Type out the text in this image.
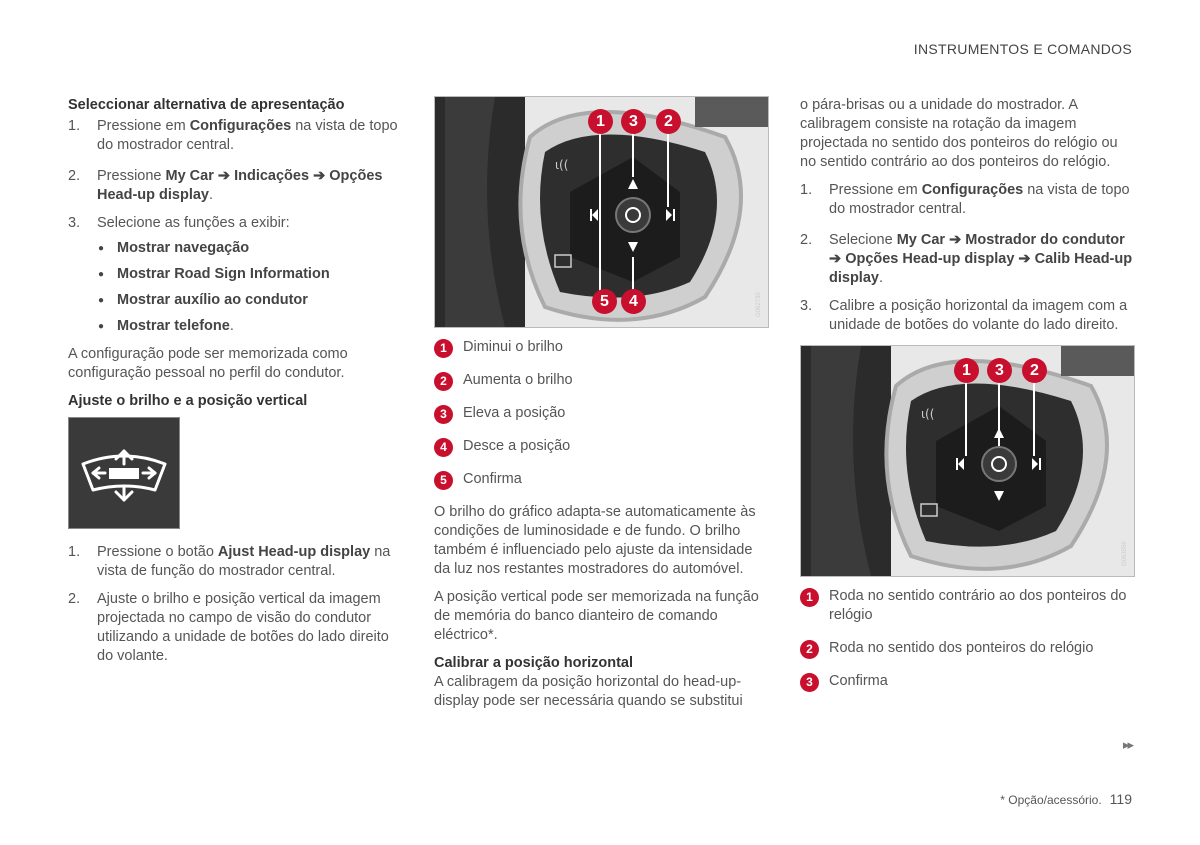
INSTRUMENTOS E COMANDOS
Seleccionar alternativa de apresentação
1. Pressione em Configurações na vista de topo do mostrador central.
2. Pressione My Car ➔ Indicações ➔ Opções Head-up display.
3. Selecione as funções a exibir:
● Mostrar navegação
● Mostrar Road Sign Information
● Mostrar auxílio ao condutor
● Mostrar telefone.

A configuração pode ser memorizada como configuração pessoal no perfil do condutor.

Ajuste o brilho e a posição vertical
1. Pressione o botão Ajust Head-up display na vista de função do mostrador central.
2. Ajuste o brilho e posição vertical da imagem projectada no campo de visão do condutor utilizando a unidade de botões do lado direito do volante.
ι((
1	3	2
5	4	G062730
1	Diminui o brilho
2	Aumenta o brilho
3	Eleva a posição
4	Desce a posição
5	Confirma

O brilho do gráfico adapta-se automaticamente às condições de luminosidade e de fundo. O brilho também é influenciado pelo ajuste da intensidade da luz nos restantes mostradores do automóvel.

A posição vertical pode ser memorizada na função de memória do banco dianteiro de comando eléctrico*.

Calibrar a posição horizontal

A calibragem da posição horizontal do head-up-display pode ser necessária quando se substitui

o pára-brisas ou a unidade do mostrador. A calibragem consiste na rotação da imagem projectada no sentido dos ponteiros do relógio ou no sentido contrário ao dos ponteiros do relógio.

1. Pressione em Configurações na vista de topo do mostrador central.
2. Selecione My Car ➔ Mostrador do condutor ➔ Opções Head-up display ➔ Calib Head-up display.
3. Calibre a posição horizontal da imagem com a unidade de botões do volante do lado direito.
ι((
1	3	2
G063956
1	Roda no sentido contrário ao dos ponteiros do relógio
2	Roda no sentido dos ponteiros do relógio
3	Confirma
▸▸
* Opção/acessório. 119
